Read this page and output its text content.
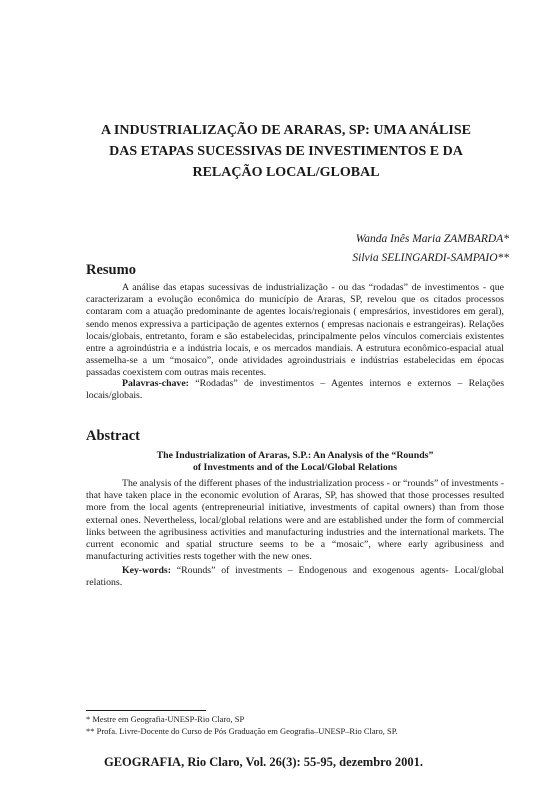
A INDUSTRIALIZAÇÃO DE ARARAS, SP: UMA ANÁLISE
DAS ETAPAS SUCESSIVAS DE INVESTIMENTOS E DA
RELAÇÃO LOCAL/GLOBAL
Wanda Inês Maria ZAMBARDA*
Silvia SELINGARDI-SAMPAIO**
Resumo
A análise das etapas sucessivas de industrialização - ou das “rodadas” de investimentos - que caracterizaram a evolução econômica do município de Araras, SP, revelou que os citados processos contaram com a atuação predominante de agentes locais/regionais ( empresários, investidores em geral), sendo menos expressiva a participação de agentes externos ( empresas nacionais e estrangeiras). Relações locais/globais, entretanto, foram e são estabelecidas, principalmente pelos vínculos comerciais existentes entre a agroindústria e a indústria locais, e os mercados mandiais. A estrutura econômico-espacial atual assemelha-se a um “mosaico”, onde atividades agroindustriais e indústrias estabelecidas em épocas passadas coexistem com outras mais recentes.
Palavras-chave: “Rodadas” de investimentos – Agentes internos e externos – Relações locais/globais.
Abstract
The Industrialization of Araras, S.P.: An Analysis of the “Rounds”
of Investments and of the Local/Global Relations
The analysis of the different phases of the industrialization process - or “rounds” of investments - that have taken place in the economic evolution of Araras, SP, has showed that those processes resulted more from the local agents (entrepreneurial initiative, investments of capital owners) than from those external ones. Nevertheless, local/global relations were and are established under the form of commercial links between the agribusiness activities and manufacturing industries and the international markets. The current economic and spatial structure seems to be a “mosaic”, where early agribusiness and manufacturing activities rests together with the new ones.
Key-words: “Rounds” of investments – Endogenous and exogenous agents- Local/global relations.
* Mestre em Geografia-UNESP-Rio Claro, SP
** Profa. Livre-Docente do Curso de Pós Graduação em Geografia–UNESP–Rio Claro, SP.
GEOGRAFIA, Rio Claro, Vol. 26(3): 55-95, dezembro 2001.
